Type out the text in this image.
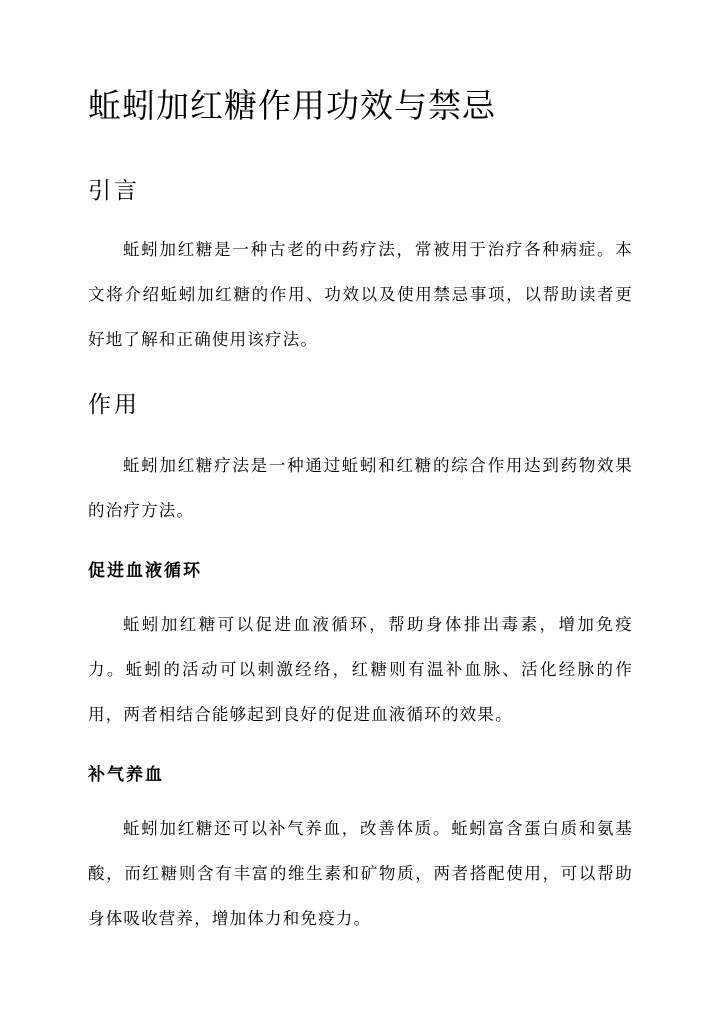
蚯蚓加红糖作用功效与禁忌
引言

蚯蚓加红糖是一种古老的中药疗法，常被用于治疗各种病症。本文将介绍蚯蚓加红糖的作用、功效以及使用禁忌事项，以帮助读者更好地了解和正确使用该疗法。

作用

蚯蚓加红糖疗法是一种通过蚯蚓和红糖的综合作用达到药物效果的治疗方法。

促进血液循环

蚯蚓加红糖可以促进血液循环，帮助身体排出毒素，增加免疫力。蚯蚓的活动可以刺激经络，红糖则有温补血脉、活化经脉的作用，两者相结合能够起到良好的促进血液循环的效果。

补气养血

蚯蚓加红糖还可以补气养血，改善体质。蚯蚓富含蛋白质和氨基酸，而红糖则含有丰富的维生素和矿物质，两者搭配使用，可以帮助身体吸收营养，增加体力和免疫力。
